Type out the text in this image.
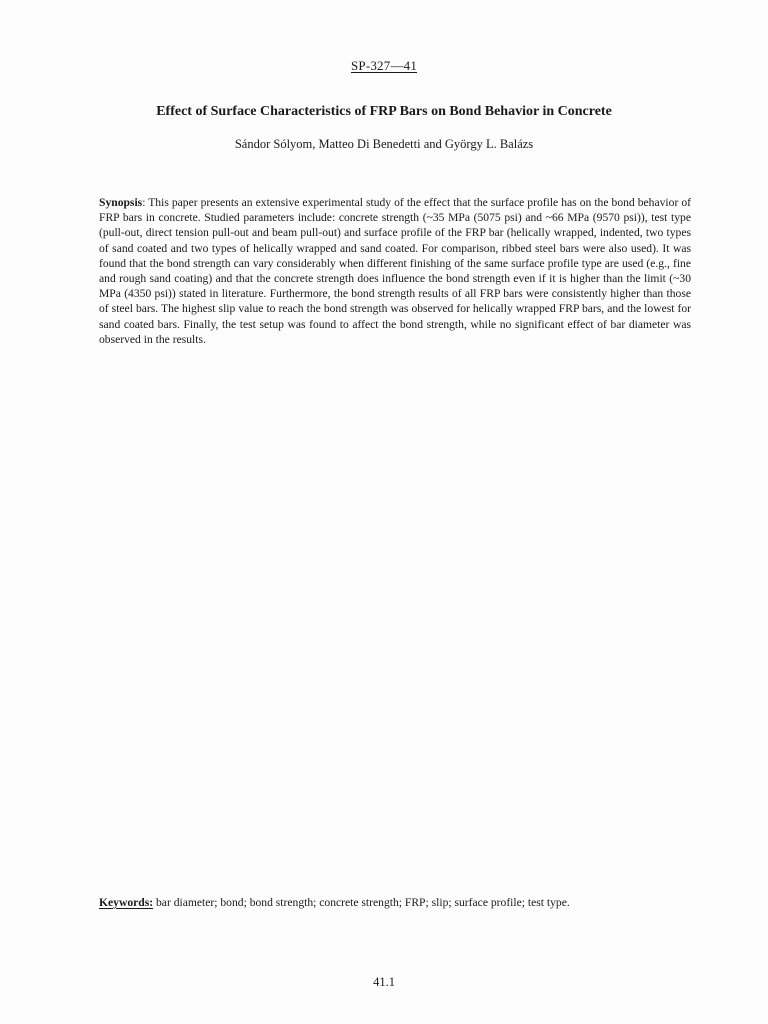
SP-327—41
Effect of Surface Characteristics of FRP Bars on Bond Behavior in Concrete
Sándor Sólyom, Matteo Di Benedetti and György L. Balázs
Synopsis: This paper presents an extensive experimental study of the effect that the surface profile has on the bond behavior of FRP bars in concrete. Studied parameters include: concrete strength (~35 MPa (5075 psi) and ~66 MPa (9570 psi)), test type (pull-out, direct tension pull-out and beam pull-out) and surface profile of the FRP bar (helically wrapped, indented, two types of sand coated and two types of helically wrapped and sand coated. For comparison, ribbed steel bars were also used). It was found that the bond strength can vary considerably when different finishing of the same surface profile type are used (e.g., fine and rough sand coating) and that the concrete strength does influence the bond strength even if it is higher than the limit (~30 MPa (4350 psi)) stated in literature. Furthermore, the bond strength results of all FRP bars were consistently higher than those of steel bars. The highest slip value to reach the bond strength was observed for helically wrapped FRP bars, and the lowest for sand coated bars. Finally, the test setup was found to affect the bond strength, while no significant effect of bar diameter was observed in the results.
Keywords: bar diameter; bond; bond strength; concrete strength; FRP; slip; surface profile; test type.
41.1
